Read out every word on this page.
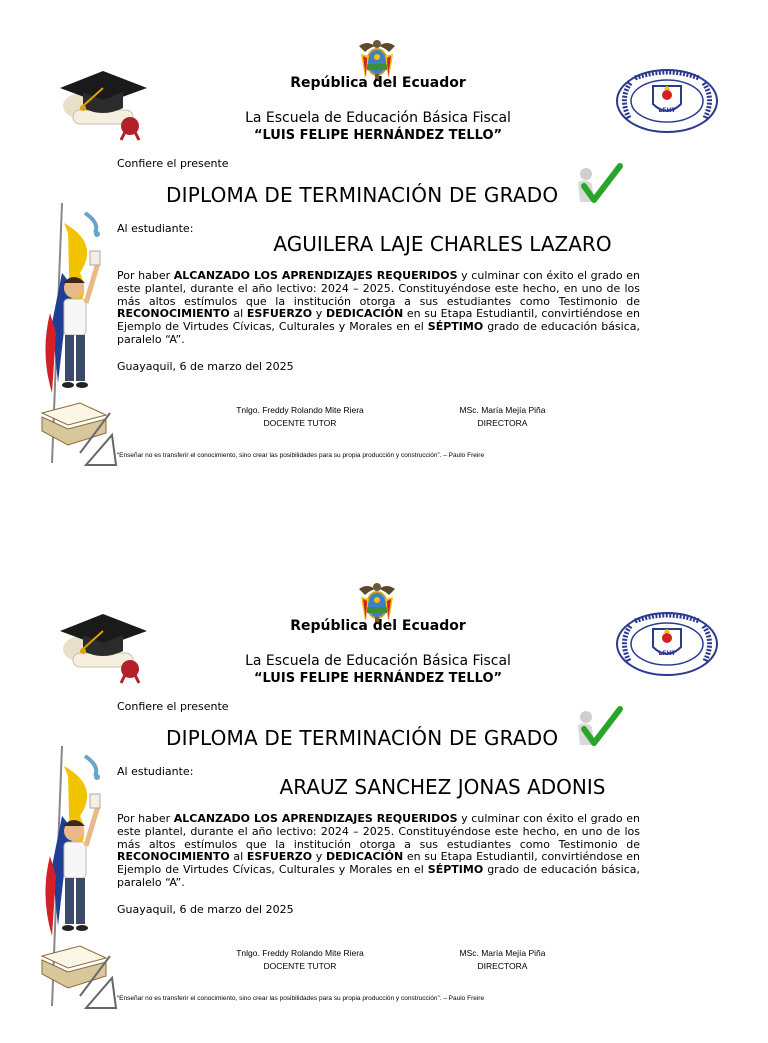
LFHT
República del Ecuador
La Escuela de Educación Básica Fiscal
“LUIS FELIPE HERNÁNDEZ TELLO”
Confiere el presente
DIPLOMA DE TERMINACIÓN DE GRADO
Al estudiante:
AGUILERA LAJE CHARLES LAZARO
Por haber ALCANZADO LOS APRENDIZAJES REQUERIDOS y culminar con éxito el grado en este plantel, durante el año lectivo: 2024 – 2025. Constituyéndose este hecho, en uno de los más altos estímulos que la institución otorga a sus estudiantes como Testimonio de RECONOCIMIENTO al ESFUERZO y DEDICACIÓN en su Etapa Estudiantil, convirtiéndose en Ejemplo de Virtudes Cívicas, Culturales y Morales en el SÉPTIMO grado de educación básica, paralelo “A”.
Guayaquil, 6 de marzo del 2025
Tnlgo. Freddy Rolando Mite Riera
DOCENTE TUTOR
MSc. María Mejía Piña
DIRECTORA
“Enseñar no es transferir el conocimiento, sino crear las posibilidades para su propia producción y construcción”. – Paulo Freire
LFHT
República del Ecuador
La Escuela de Educación Básica Fiscal
“LUIS FELIPE HERNÁNDEZ TELLO”
Confiere el presente
DIPLOMA DE TERMINACIÓN DE GRADO
Al estudiante:
ARAUZ SANCHEZ JONAS ADONIS
Por haber ALCANZADO LOS APRENDIZAJES REQUERIDOS y culminar con éxito el grado en este plantel, durante el año lectivo: 2024 – 2025. Constituyéndose este hecho, en uno de los más altos estímulos que la institución otorga a sus estudiantes como Testimonio de RECONOCIMIENTO al ESFUERZO y DEDICACIÓN en su Etapa Estudiantil, convirtiéndose en Ejemplo de Virtudes Cívicas, Culturales y Morales en el SÉPTIMO grado de educación básica, paralelo “A”.
Guayaquil, 6 de marzo del 2025
Tnlgo. Freddy Rolando Mite Riera
DOCENTE TUTOR
MSc. María Mejía Piña
DIRECTORA
“Enseñar no es transferir el conocimiento, sino crear las posibilidades para su propia producción y construcción”. – Paulo Freire
